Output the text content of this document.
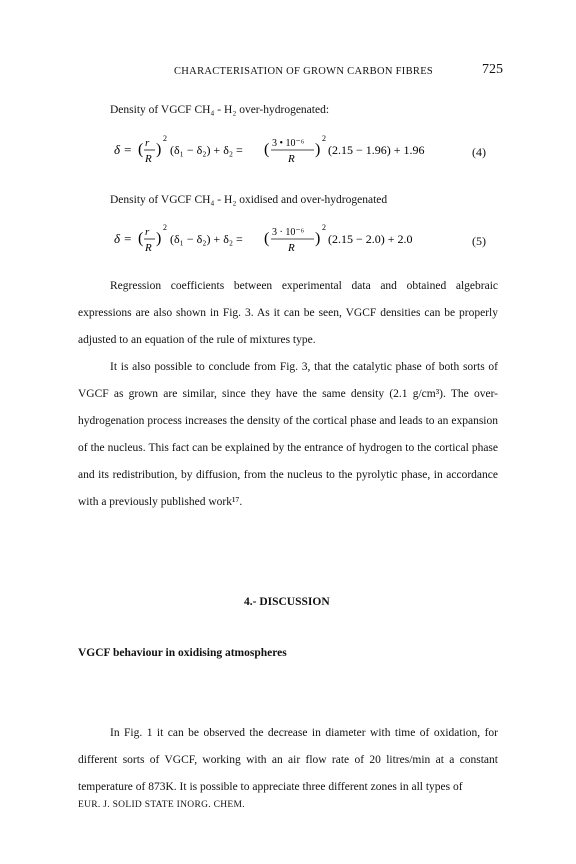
CHARACTERISATION OF GROWN CARBON FIBRES	725
Density of VGCF CH₄ - H₂ over-hydrogenated:
δ = ( r
R
)
2
(δ₁ − δ₂) + δ₂ = ( 3 • 10⁻⁶
R
)
2
(2.15 − 1.96) + 1.96	(4)
Density of VGCF CH₄ - H₂ oxidised and over-hydrogenated
δ = ( r
R
)
2
(δ₁ − δ₂) + δ₂ = ( 3 · 10⁻⁶
R
)
2
(2.15 − 2.0) + 2.0	(5)
Regression coefficients between experimental data and obtained algebraic expressions are also shown in Fig. 3. As it can be seen, VGCF densities can be properly adjusted to an equation of the rule of mixtures type.
It is also possible to conclude from Fig. 3, that the catalytic phase of both sorts of VGCF as grown are similar, since they have the same density (2.1 g/cm³). The over-hydrogenation process increases the density of the cortical phase and leads to an expansion of the nucleus. This fact can be explained by the entrance of hydrogen to the cortical phase and its redistribution, by diffusion, from the nucleus to the pyrolytic phase, in accordance with a previously published work¹⁷.
4.- DISCUSSION
VGCF behaviour in oxidising atmospheres
In Fig. 1 it can be observed the decrease in diameter with time of oxidation, for different sorts of VGCF, working with an air flow rate of 20 litres/min at a constant temperature of 873K. It is possible to appreciate three different zones in all types of
EUR. J. SOLID STATE INORG. CHEM.
